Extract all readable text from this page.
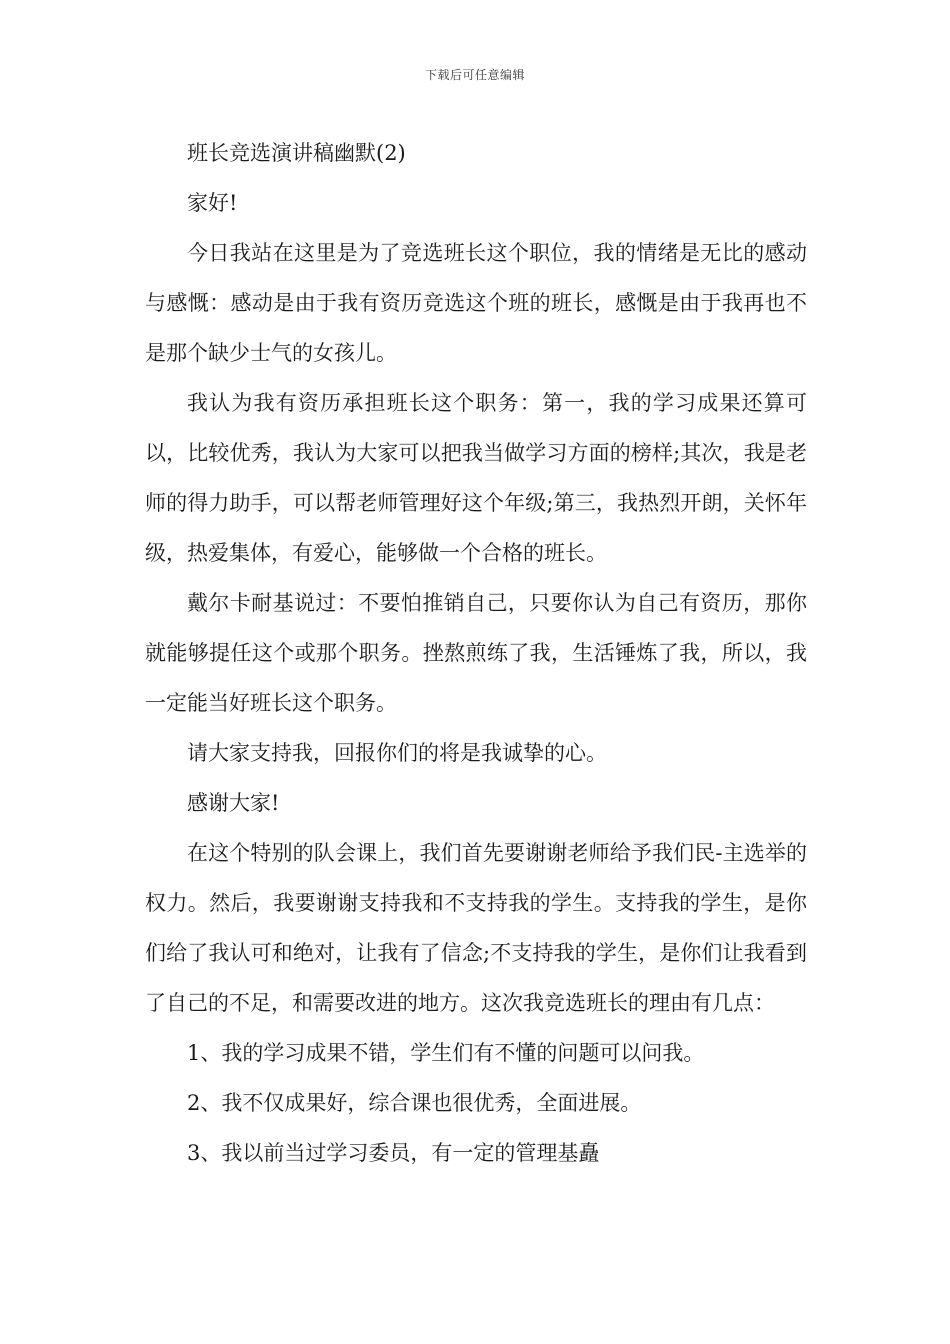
下载后可任意编辑

班长竞选演讲稿幽默(2)

家好!

今日我站在这里是为了竞选班长这个职位，我的情绪是无比的感动与感慨：感动是由于我有资历竞选这个班的班长，感慨是由于我再也不是那个缺少士气的女孩儿。

我认为我有资历承担班长这个职务：第一，我的学习成果还算可以，比较优秀，我认为大家可以把我当做学习方面的榜样;其次，我是老师的得力助手，可以帮老师管理好这个年级;第三，我热烈开朗，关怀年级，热爱集体，有爱心，能够做一个合格的班长。

戴尔卡耐基说过：不要怕推销自己，只要你认为自己有资历，那你就能够提任这个或那个职务。挫熬煎练了我，生活锤炼了我，所以，我一定能当好班长这个职务。

请大家支持我，回报你们的将是我诚挚的心。

感谢大家!

在这个特别的队会课上，我们首先要谢谢老师给予我们民-主选举的权力。然后，我要谢谢支持我和不支持我的学生。支持我的学生，是你们给了我认可和绝对，让我有了信念;不支持我的学生，是你们让我看到了自己的不足，和需要改进的地方。这次我竞选班长的理由有几点：

1、我的学习成果不错，学生们有不懂的问题可以问我。

2、我不仅成果好，综合课也很优秀，全面进展。

3、我以前当过学习委员，有一定的管理基矗
